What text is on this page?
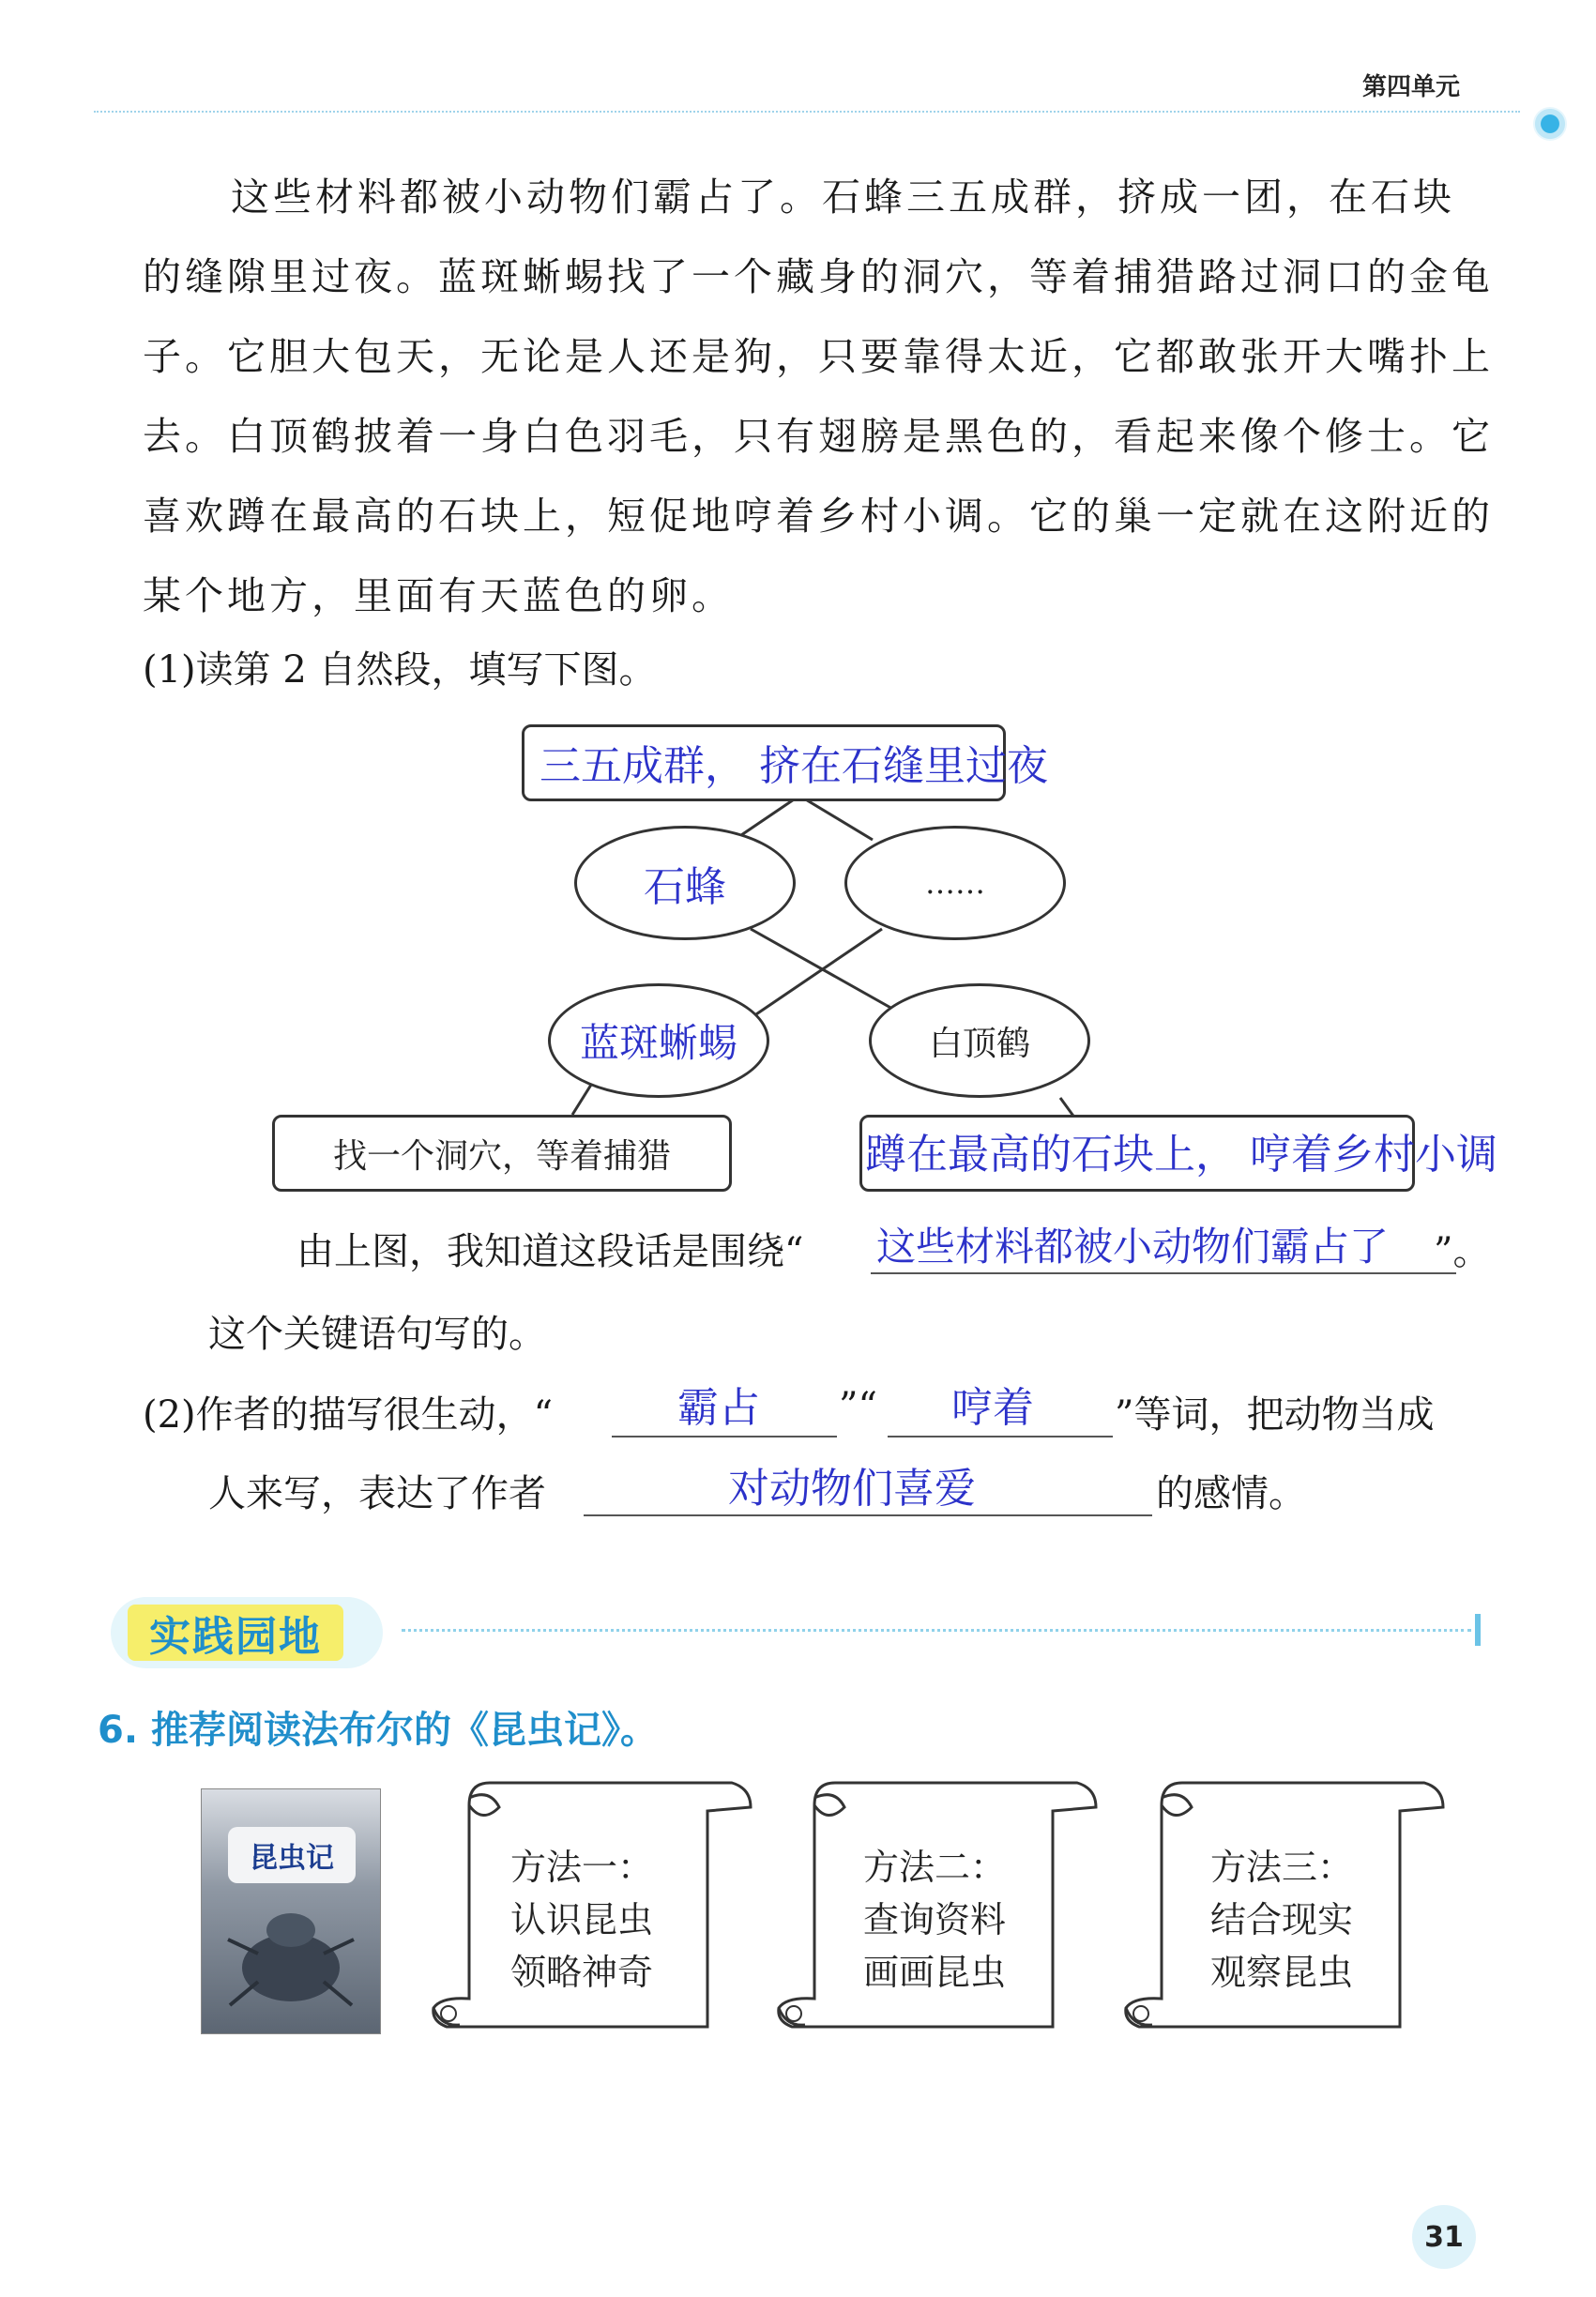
第四单元
这些材料都被小动物们霸占了。石蜂三五成群，挤成一团，在石块的缝隙里过夜。蓝斑蜥蜴找了一个藏身的洞穴，等着捕猎路过洞口的金龟子。它胆大包天，无论是人还是狗，只要靠得太近，它都敢张开大嘴扑上去。白顶鹤披着一身白色羽毛，只有翅膀是黑色的，看起来像个修士。它喜欢蹲在最高的石块上，短促地哼着乡村小调。它的巢一定就在这附近的某个地方，里面有天蓝色的卵。
(1)读第 2 自然段，填写下图。
三五成群， 挤在石缝里过夜
石蜂	……
蓝斑蜥蜴	白顶鹤
找一个洞穴，等着捕猎	蹲在最高的石块上， 哼着乡村小调
由上图，我知道这段话是围绕“ 这些材料都被小动物们霸占了 ”。
这个关键语句写的。
(2)作者的描写很生动，“	霸占 ”“ 哼着 ”等词，把动物当成
人来写，表达了作者	对动物们喜爱	的感情。
实践园地
6. 推荐阅读法布尔的《昆虫记》。
昆虫记	方法一：
认识昆虫
领略神奇
方法二：
查询资料
画画昆虫
方法三：
结合现实
观察昆虫
31
